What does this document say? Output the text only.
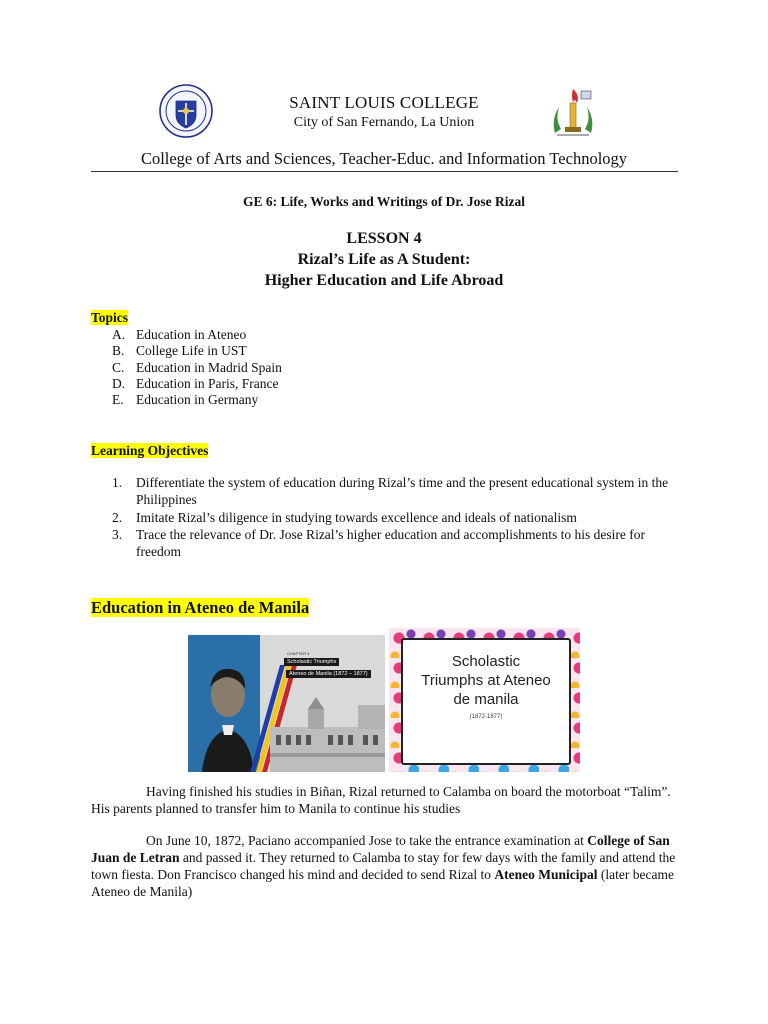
SAINT LOUIS COLLEGE
City of San Fernando, La Union
College of Arts and Sciences, Teacher-Educ. and Information Technology
GE 6: Life, Works and Writings of Dr. Jose Rizal
LESSON 4
Rizal’s Life as A Student:
Higher Education and Life Abroad
Topics
A. Education in Ateneo
B. College Life in UST
C. Education in Madrid Spain
D. Education in Paris, France
E. Education in Germany
Learning Objectives
1.	Differentiate the system of education during Rizal’s time and the present educational system in the Philippines
2.	Imitate Rizal’s diligence in studying towards excellence and ideals of nationalism
3.	Trace the relevance of Dr. Jose Rizal’s higher education and accomplishments to his desire for freedom
Education in Ateneo de Manila
CHAPTER 4
Scholastic Triumphs
Ateneo de Manila (1872 – 1877)
Scholastic
Triumphs at Ateneo
de manila
(1872-1877)

Having finished his studies in Biñan, Rizal returned to Calamba on board the motorboat “Talim”. His parents planned to transfer him to Manila to continue his studies

On June 10, 1872, Paciano accompanied Jose to take the entrance examination at College of San Juan de Letran and passed it. They returned to Calamba to stay for few days with the family and attend the town fiesta. Don Francisco changed his mind and decided to send Rizal to Ateneo Municipal (later became Ateneo de Manila)
